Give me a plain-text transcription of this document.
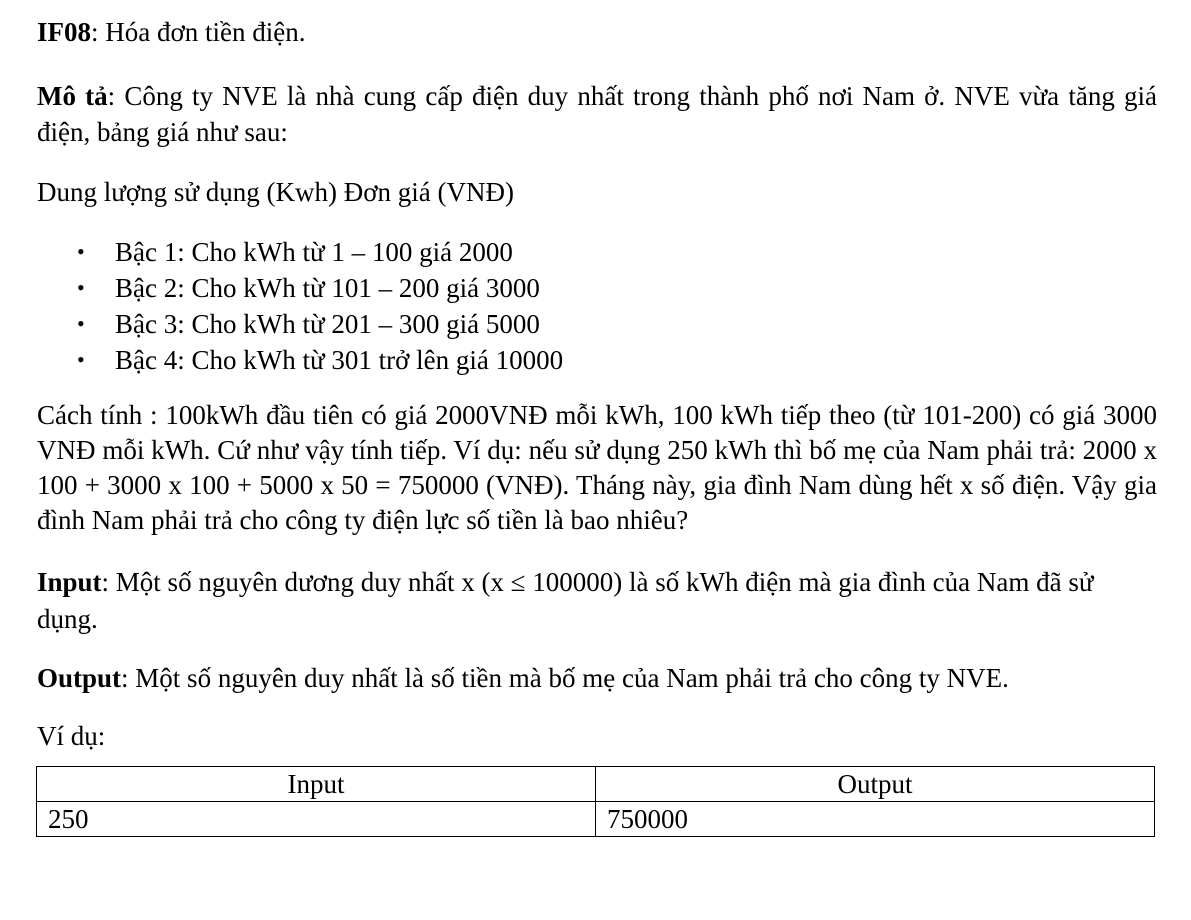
IF08: Hóa đơn tiền điện.

Mô tả: Công ty NVE là nhà cung cấp điện duy nhất trong thành phố nơi Nam ở. NVE vừa tăng giá điện, bảng giá như sau:

Dung lượng sử dụng (Kwh) Đơn giá (VNĐ)

• Bậc 1: Cho kWh từ 1 – 100 giá 2000
• Bậc 2: Cho kWh từ 101 – 200 giá 3000
• Bậc 3: Cho kWh từ 201 – 300 giá 5000
• Bậc 4: Cho kWh từ 301 trở lên giá 10000

Cách tính : 100kWh đầu tiên có giá 2000VNĐ mỗi kWh, 100 kWh tiếp theo (từ 101-200) có giá 3000 VNĐ mỗi kWh. Cứ như vậy tính tiếp. Ví dụ: nếu sử dụng 250 kWh thì bố mẹ của Nam phải trả: 2000 x 100 + 3000 x 100 + 5000 x 50 = 750000 (VNĐ). Tháng này, gia đình Nam dùng hết x số điện. Vậy gia đình Nam phải trả cho công ty điện lực số tiền là bao nhiêu?

Input: Một số nguyên dương duy nhất x (x ≤ 100000) là số kWh điện mà gia đình của Nam đã sử dụng.

Output: Một số nguyên duy nhất là số tiền mà bố mẹ của Nam phải trả cho công ty NVE.

Ví dụ:

Input	Output
250	750000
